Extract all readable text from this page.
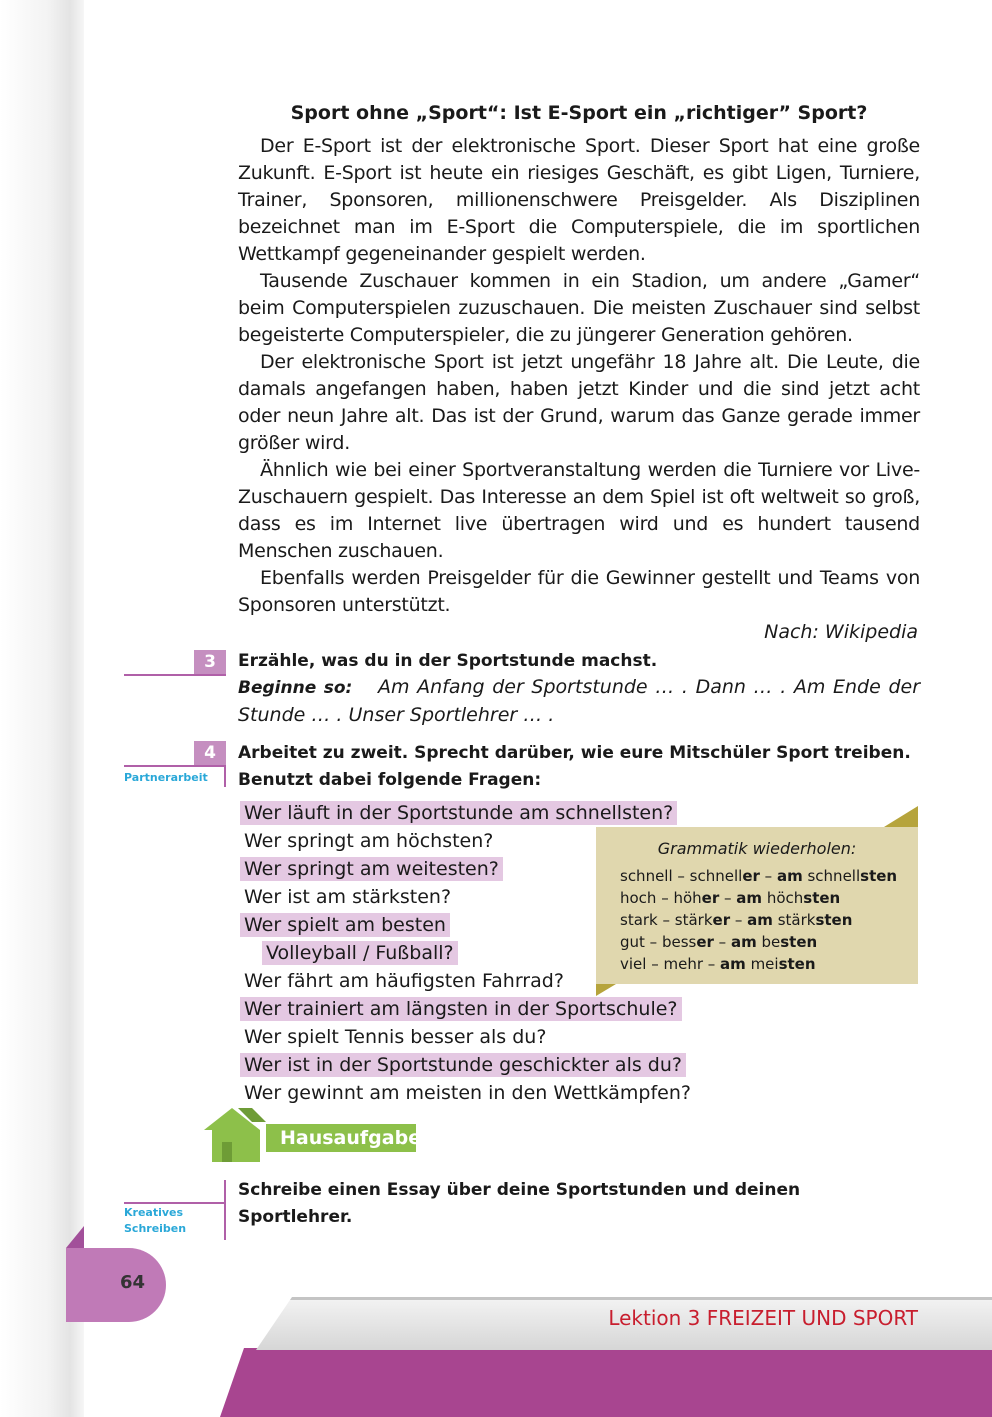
Sport ohne „Sport“: Ist E-Sport ein „richtiger” Sport?

Der E-Sport ist der elektronische Sport. Dieser Sport hat eine große Zukunft. E-Sport ist heute ein riesiges Geschäft, es gibt Ligen, Turniere, Trainer, Sponsoren, millionenschwere Preisgelder. Als Disziplinen bezeichnet man im E-Sport die Computerspiele, die im sportlichen Wettkampf gegeneinander gespielt werden.

Tausende Zuschauer kommen in ein Stadion, um andere „Gamer“ beim Computerspielen zuzuschauen. Die meisten Zuschauer sind selbst begeisterte Computerspieler, die zu jüngerer Generation gehören.

Der elektronische Sport ist jetzt ungefähr 18 Jahre alt. Die Leute, die damals angefangen haben, haben jetzt Kinder und die sind jetzt acht oder neun Jahre alt. Das ist der Grund, warum das Ganze gerade immer größer wird.

Ähnlich wie bei einer Sportveranstaltung werden die Turniere vor Live-Zuschauern gespielt. Das Interesse an dem Spiel ist oft weltweit so groß, dass es im Internet live übertragen wird und es hundert tausend Menschen zuschauen.

Ebenfalls werden Preisgelder für die Gewinner gestellt und Teams von Sponsoren unterstützt.

Nach: Wikipedia
3	Erzähle, was du in der Sportstunde machst.
Beginne so: Am Anfang der Sportstunde … . Dann … . Am Ende der Stunde … . Unser Sportlehrer … .
4
Partnerarbeit
Arbeitet zu zweit. Sprecht darüber, wie eure Mitschüler Sport treiben.
Benutzt dabei folgende Fragen:
Wer läuft in der Sportstunde am schnellsten?
Wer springt am höchsten?
Wer springt am weitesten?
Wer ist am stärksten?
Wer spielt am besten
Volleyball / Fußball?
Wer fährt am häufigsten Fahrrad?
Wer trainiert am längsten in der Sportschule?
Wer spielt Tennis besser als du?
Wer ist in der Sportstunde geschickter als du?
Wer gewinnt am meisten in den Wettkämpfen?
Grammatik wiederholen:
schnell – schneller – am schnellsten
hoch – höher – am höchsten
stark – stärker – am stärksten
gut – besser – am besten
viel – mehr – am meisten
Hausaufgabe
Kreatives
Schreiben
Schreibe einen Essay über deine Sportstunden und deinen Sportlehrer.
64
Lektion 3 FREIZEIT UND SPORT
